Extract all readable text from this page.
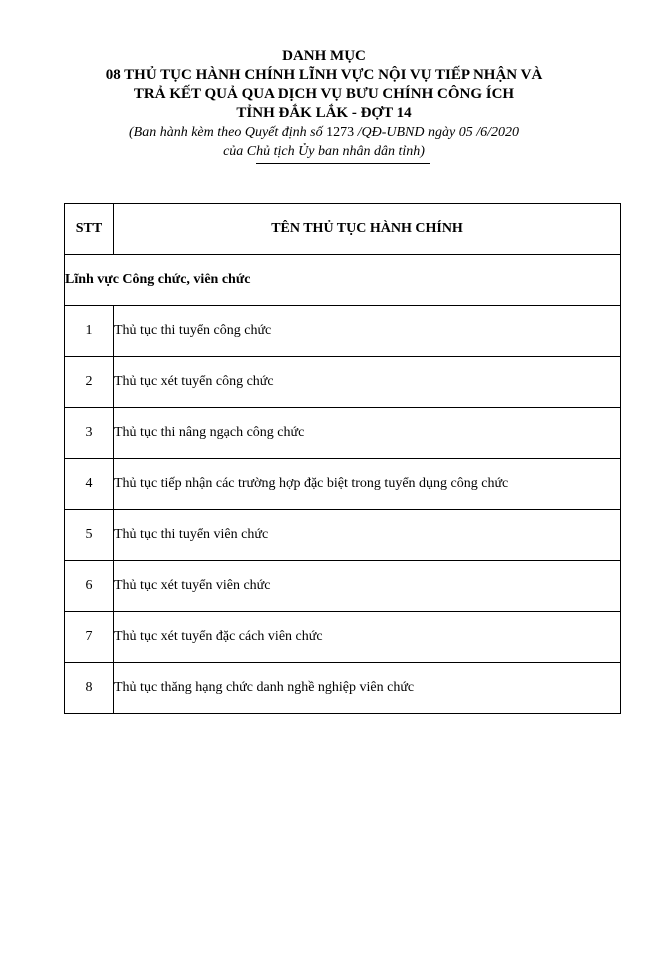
DANH MỤC

08 THỦ TỤC HÀNH CHÍNH LĨNH VỰC NỘI VỤ TIẾP NHẬN VÀ

TRẢ KẾT QUẢ QUA DỊCH VỤ BƯU CHÍNH CÔNG ÍCH

TỈNH ĐẮK LẮK - ĐỢT 14

(Ban hành kèm theo Quyết định số 1273 /QĐ-UBND ngày 05 /6/2020

của Chủ tịch Ủy ban nhân dân tỉnh)

STT	TÊN THỦ TỤC HÀNH CHÍNH
Lĩnh vực Công chức, viên chức	
1	Thủ tục thi tuyển công chức
2	Thủ tục xét tuyển công chức
3	Thủ tục thi nâng ngạch công chức
4	Thủ tục tiếp nhận các trường hợp đặc biệt trong tuyển dụng công chức
5	Thủ tục thi tuyển viên chức
6	Thủ tục xét tuyển viên chức
7	Thủ tục xét tuyển đặc cách viên chức
8	Thủ tục thăng hạng chức danh nghề nghiệp viên chức
